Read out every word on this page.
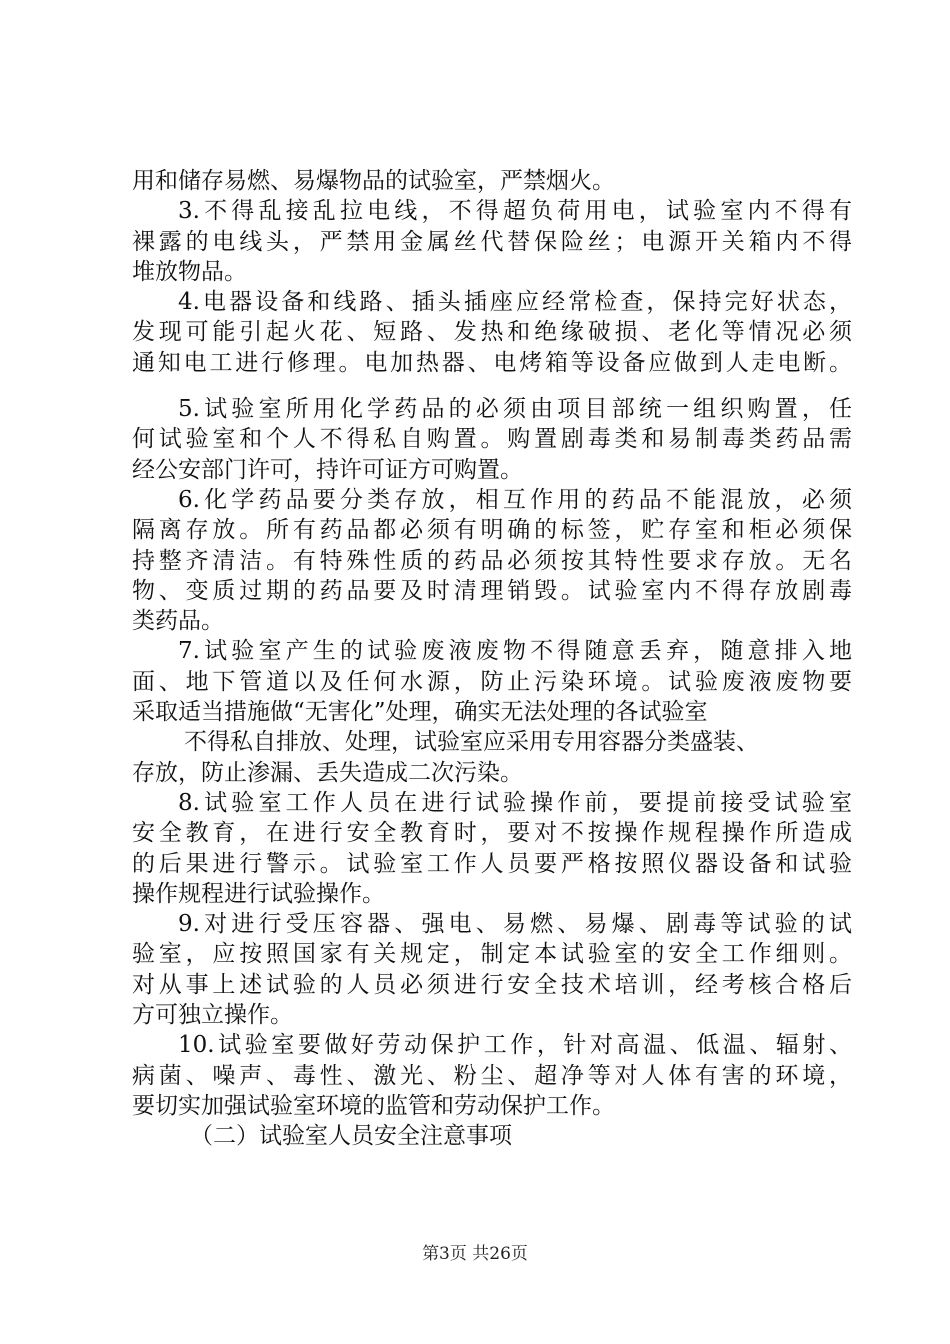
用和储存易燃、易爆物品的试验室，严禁烟火。
3.不得乱接乱拉电线，不得超负荷用电，试验室内不得有
裸露的电线头，严禁用金属丝代替保险丝；电源开关箱内不得
堆放物品。
4.电器设备和线路、插头插座应经常检查，保持完好状态，
发现可能引起火花、短路、发热和绝缘破损、老化等情况必须
通知电工进行修理。电加热器、电烤箱等设备应做到人走电断。
5.试验室所用化学药品的必须由项目部统一组织购置，任
何试验室和个人不得私自购置。购置剧毒类和易制毒类药品需
经公安部门许可，持许可证方可购置。
6.化学药品要分类存放，相互作用的药品不能混放，必须
隔离存放。所有药品都必须有明确的标签，贮存室和柜必须保
持整齐清洁。有特殊性质的药品必须按其特性要求存放。无名
物、变质过期的药品要及时清理销毁。试验室内不得存放剧毒
类药品。
7.试验室产生的试验废液废物不得随意丢弃，随意排入地
面、地下管道以及任何水源，防止污染环境。试验废液废物要
采取适当措施做“无害化”处理，确实无法处理的各试验室
不得私自排放、处理，试验室应采用专用容器分类盛装、
存放，防止渗漏、丢失造成二次污染。
8.试验室工作人员在进行试验操作前，要提前接受试验室
安全教育，在进行安全教育时，要对不按操作规程操作所造成
的后果进行警示。试验室工作人员要严格按照仪器设备和试验
操作规程进行试验操作。
9.对进行受压容器、强电、易燃、易爆、剧毒等试验的试
验室，应按照国家有关规定，制定本试验室的安全工作细则。
对从事上述试验的人员必须进行安全技术培训，经考核合格后
方可独立操作。
10.试验室要做好劳动保护工作，针对高温、低温、辐射、
病菌、噪声、毒性、激光、粉尘、超净等对人体有害的环境，
要切实加强试验室环境的监管和劳动保护工作。
（二）试验室人员安全注意事项
第3页 共26页
